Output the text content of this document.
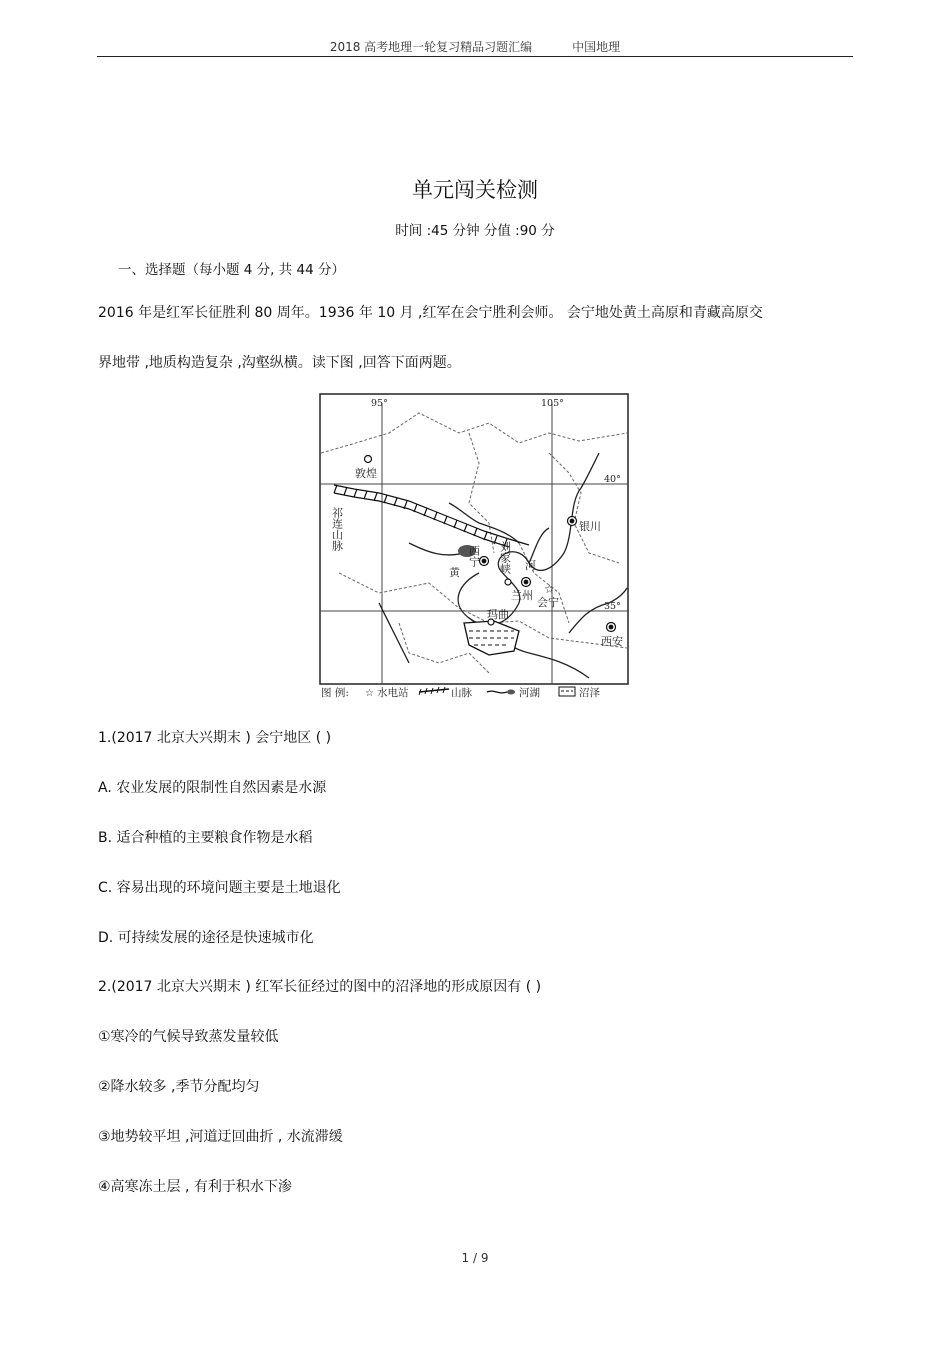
2018 高考地理一轮复习精品习题汇编	中国地理
单元闯关检测
时间 :45 分钟 分值 :90 分
一、选择题（每小题 4 分, 共 44 分）
2016 年是红军长征胜利 80 周年。1936 年 10 月 ,红军在会宁胜利会师。 会宁地处黄土高原和青藏高原交
界地带 ,地质构造复杂 ,沟壑纵横。读下图 ,回答下面两题。
☆
95°	105°
40°
35°
敦煌
银川
祁连山脉
西宁 刘家峡
黄
河
兰州
会宁
玛曲
西安
图 例: ☆ 水电站	山脉	河湖	沼泽
1.(2017 北京大兴期末 ) 会宁地区 ( )
A. 农业发展的限制性自然因素是水源
B. 适合种植的主要粮食作物是水稻
C. 容易出现的环境问题主要是土地退化
D. 可持续发展的途径是快速城市化
2.(2017 北京大兴期末 ) 红军长征经过的图中的沼泽地的形成原因有 ( )
①寒冷的气候导致蒸发量较低
②降水较多 ,季节分配均匀
③地势较平坦 ,河道迂回曲折 , 水流滞缓
④高寒冻土层 , 有利于积水下渗
1 / 9
